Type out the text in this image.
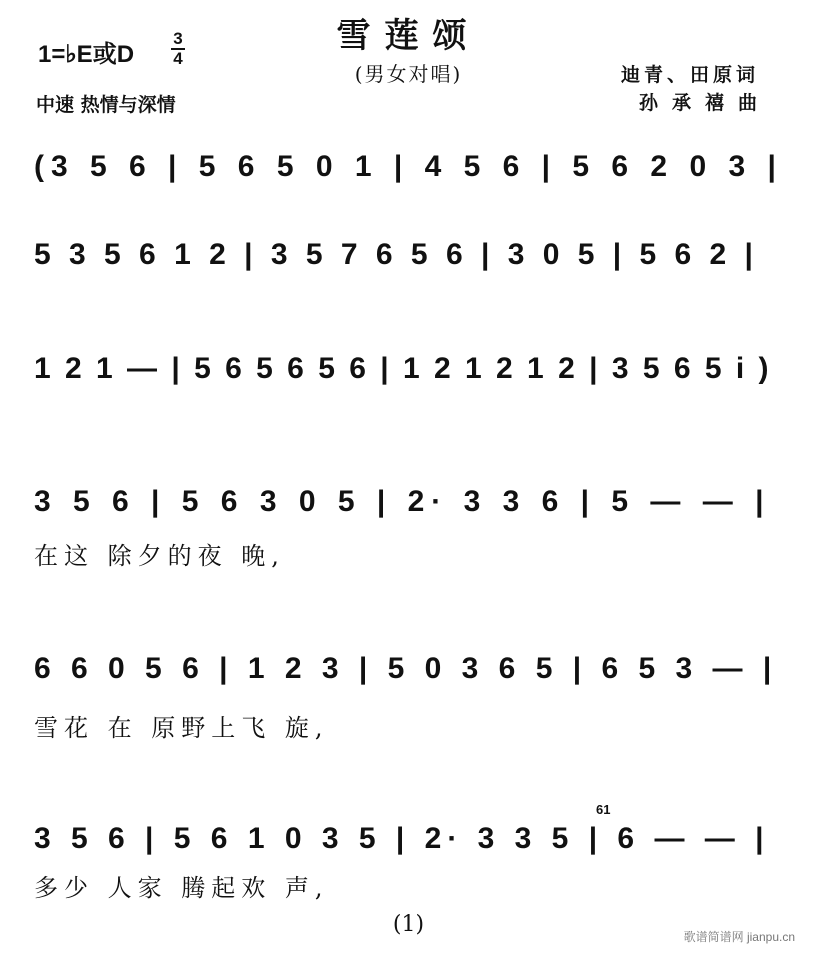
雪莲颂
(男女对唱)
1=♭E或D
3
4
中速 热情与深情
迪青、田原词
孙承禧曲
(3 5 6 | 5 6 5 0 1 | 4 5 6 | 5 6 2 0 3 |
5 3 5 6 1 2 | 3 5 7 6 5 6 | 3 0 5 | 5 6 2 |
1 2 1 — | 5 6 5 6 5 6 | 1 2 1 2 1 2 | 3 5 6 5 i )
3 5 6 | 5 6 3 0 5 | 2· 3 3 6 | 5 — — |
在这 除夕的夜 晚,
6 6 0 5 6 | 1 2 3 | 5 0 3 6 5 | 6 5 3 — |
雪花 在 原野上飞 旋,
3 5 6 | 5 6 1 0 3 5 | 2· 3 3 5 | 6 — — |
61
多少 人家 腾起欢 声,
(1)	歌谱简谱网 jianpu.cn
